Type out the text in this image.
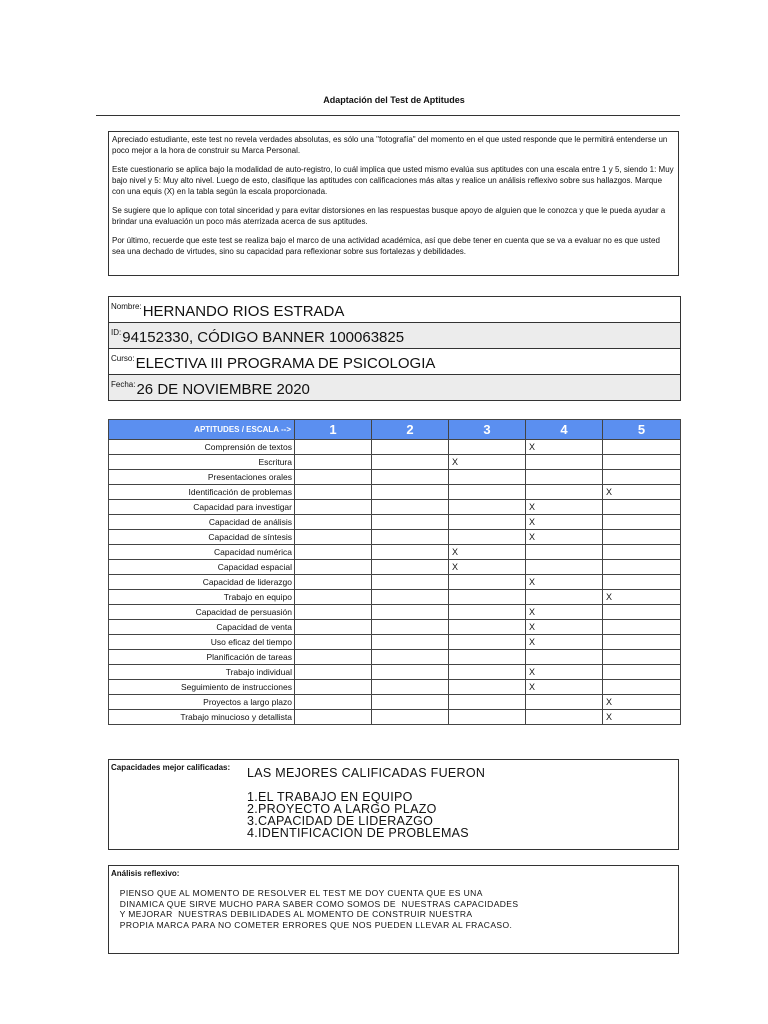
Adaptación del Test de Aptitudes

Apreciado estudiante, este test no revela verdades absolutas, es sólo una "fotografía" del momento en el que usted responde que le permitirá entenderse un poco mejor a la hora de construir su Marca Personal.

Este cuestionario se aplica bajo la modalidad de auto-registro, lo cuál implica que usted mismo evalúa sus aptitudes con una escala entre 1 y 5, siendo 1: Muy bajo nivel y 5: Muy alto nivel. Luego de esto, clasifique las aptitudes con calificaciones más altas y realice un análisis reflexivo sobre sus hallazgos. Marque con una equis (X) en la tabla según la escala proporcionada.

Se sugiere que lo aplique con total sinceridad y para evitar distorsiones en las respuestas busque apoyo de alguien que le conozca y que le pueda ayudar a brindar una evaluación un poco más aterrizada acerca de sus aptitudes.

Por último, recuerde que este test se realiza bajo el marco de una actividad académica, así que debe tener en cuenta que se va a evaluar no es que usted sea una dechado de virtudes, sino su capacidad para reflexionar sobre sus fortalezas y debilidades.

Nombre: HERNANDO RIOS ESTRADA
ID: 94152330, CÓDIGO BANNER 100063825
Curso: ELECTIVA III PROGRAMA DE PSICOLOGIA
Fecha: 26 DE NOVIEMBRE 2020
APTITUDES / ESCALA -->	1	2	3	4	5
Comprensión de textos				X	
Escritura			X		
Presentaciones orales					
Identificación de problemas					X
Capacidad para investigar				X	
Capacidad de análisis				X	
Capacidad de síntesis				X	
Capacidad numérica			X		
Capacidad espacial			X		
Capacidad de liderazgo				X	
Trabajo en equipo					X
Capacidad de persuasión				X	
Capacidad de venta				X	
Uso eficaz del tiempo				X	
Planificación de tareas					
Trabajo individual				X	
Seguimiento de instrucciones				X	
Proyectos a largo plazo					X
Trabajo minucioso y detallista					X
Capacidades mejor calificadas: LAS MEJORES CALIFICADAS FUERON
1.EL TRABAJO EN EQUIPO
2.PROYECTO A LARGO PLAZO
3.CAPACIDAD DE LIDERAZGO
4.IDENTIFICACION DE PROBLEMAS
Análisis reflexivo:
PIENSO QUE AL MOMENTO DE RESOLVER EL TEST ME DOY CUENTA QUE ES UNA
DINAMICA QUE SIRVE MUCHO PARA SABER COMO SOMOS DE  NUESTRAS CAPACIDADES
Y MEJORAR  NUESTRAS DEBILIDADES AL MOMENTO DE CONSTRUIR NUESTRA
PROPIA MARCA PARA NO COMETER ERRORES QUE NOS PUEDEN LLEVAR AL FRACASO.
